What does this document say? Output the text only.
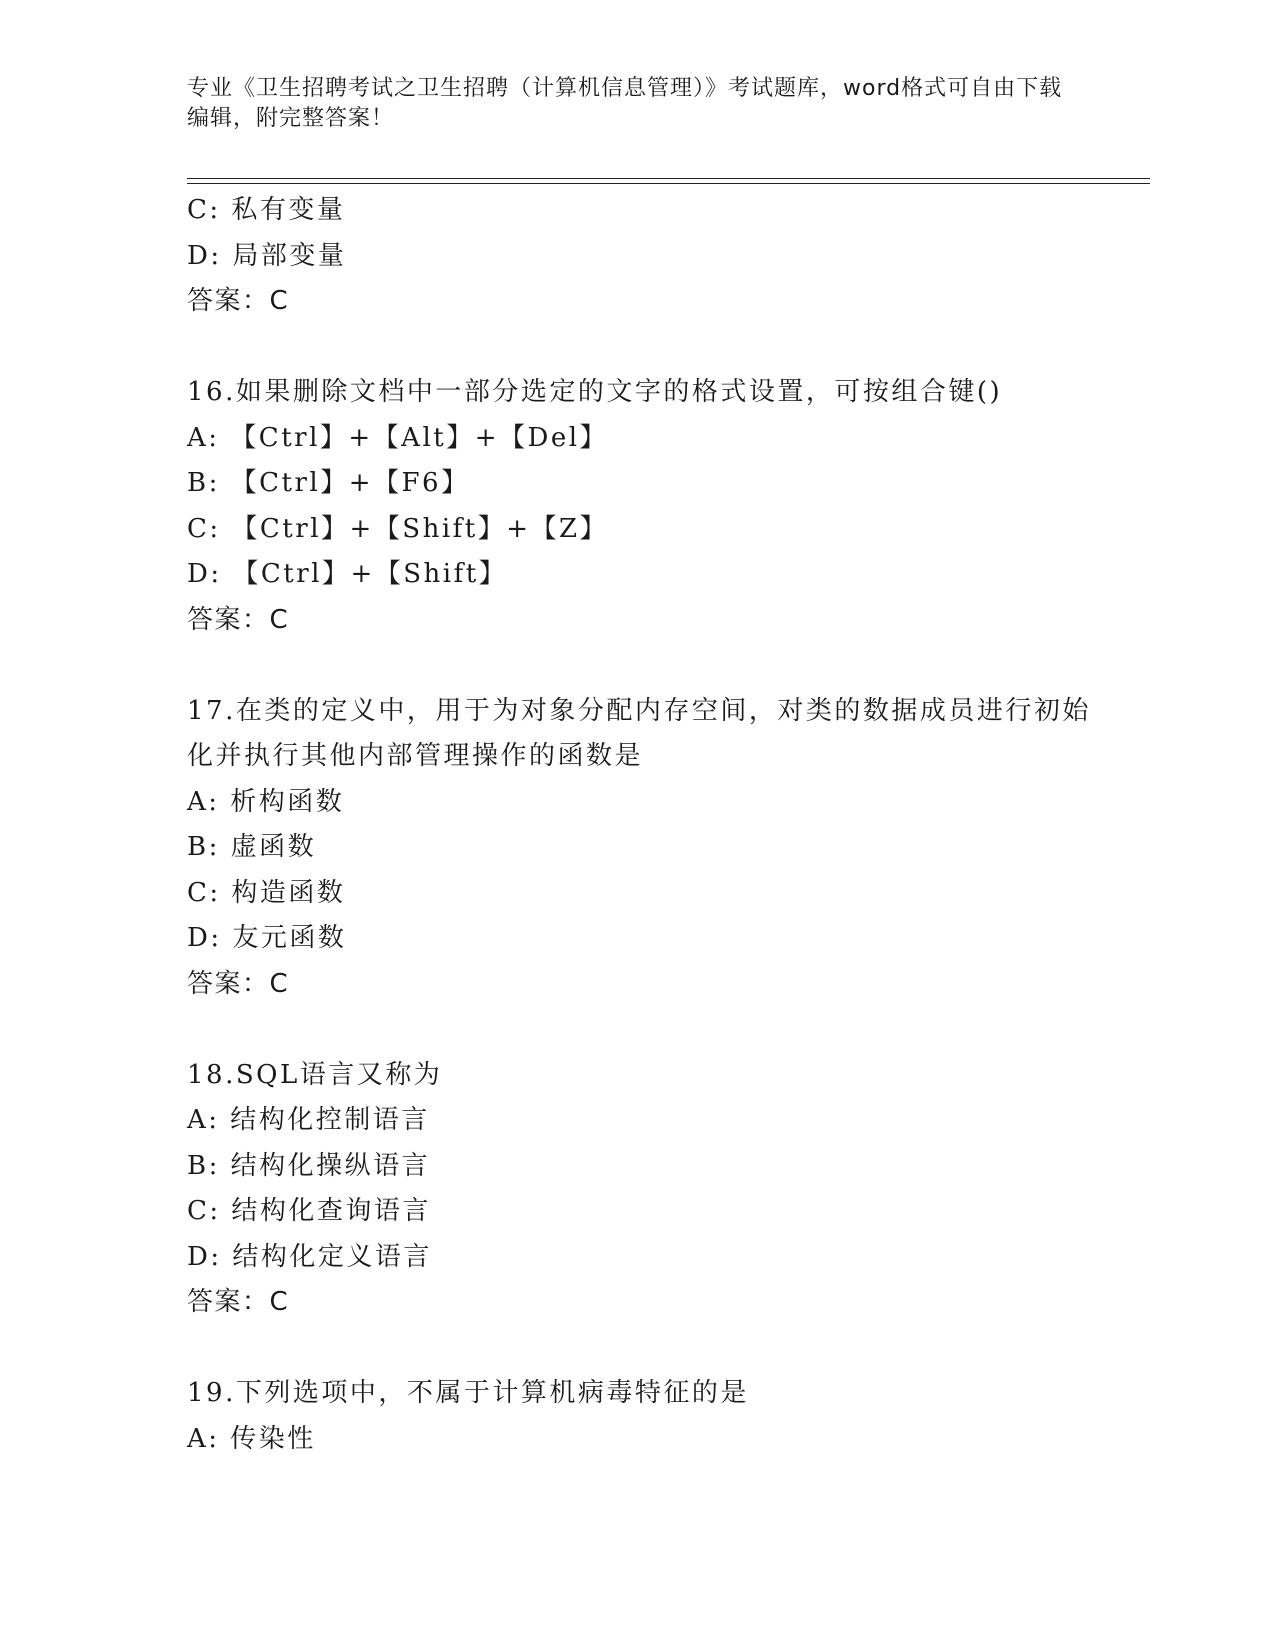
专业《卫生招聘考试之卫生招聘（计算机信息管理）》考试题库，word格式可自由下载编辑，附完整答案！
C: 私有变量
D: 局部变量
答案：C
16.如果删除文档中一部分选定的文字的格式设置，可按组合键()
A: 【Ctrl】+【Alt】+【Del】
B: 【Ctrl】+【F6】
C: 【Ctrl】+【Shift】+【Z】
D: 【Ctrl】+【Shift】
答案：C
17.在类的定义中，用于为对象分配内存空间，对类的数据成员进行初始化并执行其他内部管理操作的函数是
A: 析构函数
B: 虚函数
C: 构造函数
D: 友元函数
答案：C
18.SQL语言又称为
A: 结构化控制语言
B: 结构化操纵语言
C: 结构化查询语言
D: 结构化定义语言
答案：C
19.下列选项中，不属于计算机病毒特征的是
A: 传染性
